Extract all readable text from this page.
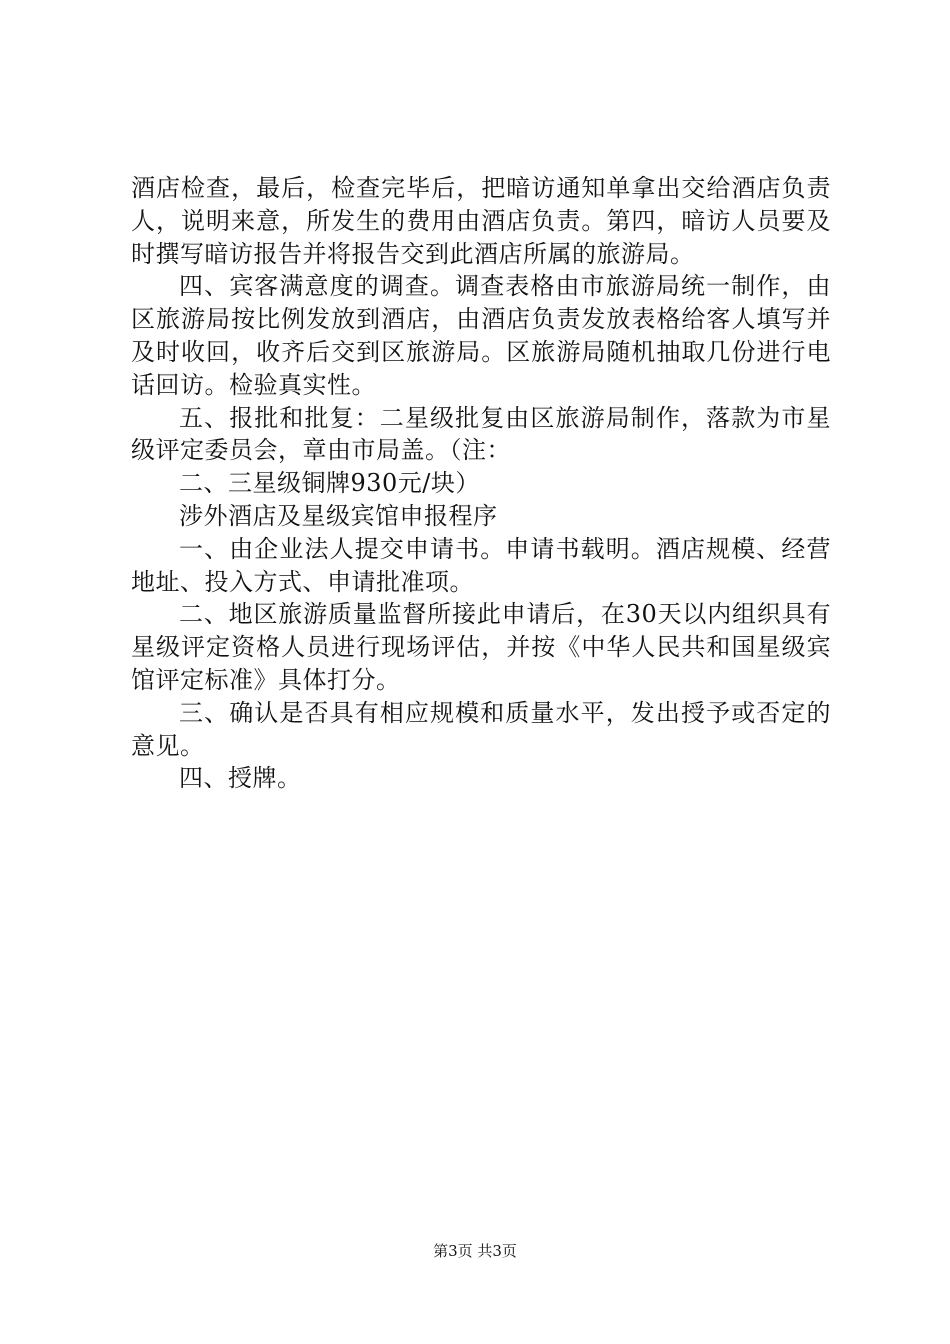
酒店检查，最后，检查完毕后，把暗访通知单拿出交给酒店负责人，说明来意，所发生的费用由酒店负责。第四，暗访人员要及时撰写暗访报告并将报告交到此酒店所属的旅游局。

四、宾客满意度的调查。调查表格由市旅游局统一制作，由区旅游局按比例发放到酒店，由酒店负责发放表格给客人填写并及时收回，收齐后交到区旅游局。区旅游局随机抽取几份进行电话回访。检验真实性。

五、报批和批复：二星级批复由区旅游局制作，落款为市星级评定委员会，章由市局盖。（注：

二、三星级铜牌930元/块）

涉外酒店及星级宾馆申报程序

一、由企业法人提交申请书。申请书载明。酒店规模、经营地址、投入方式、申请批准项。

二、地区旅游质量监督所接此申请后，在30天以内组织具有星级评定资格人员进行现场评估，并按《中华人民共和国星级宾馆评定标准》具体打分。

三、确认是否具有相应规模和质量水平，发出授予或否定的意见。

四、授牌。

第3页 共3页
